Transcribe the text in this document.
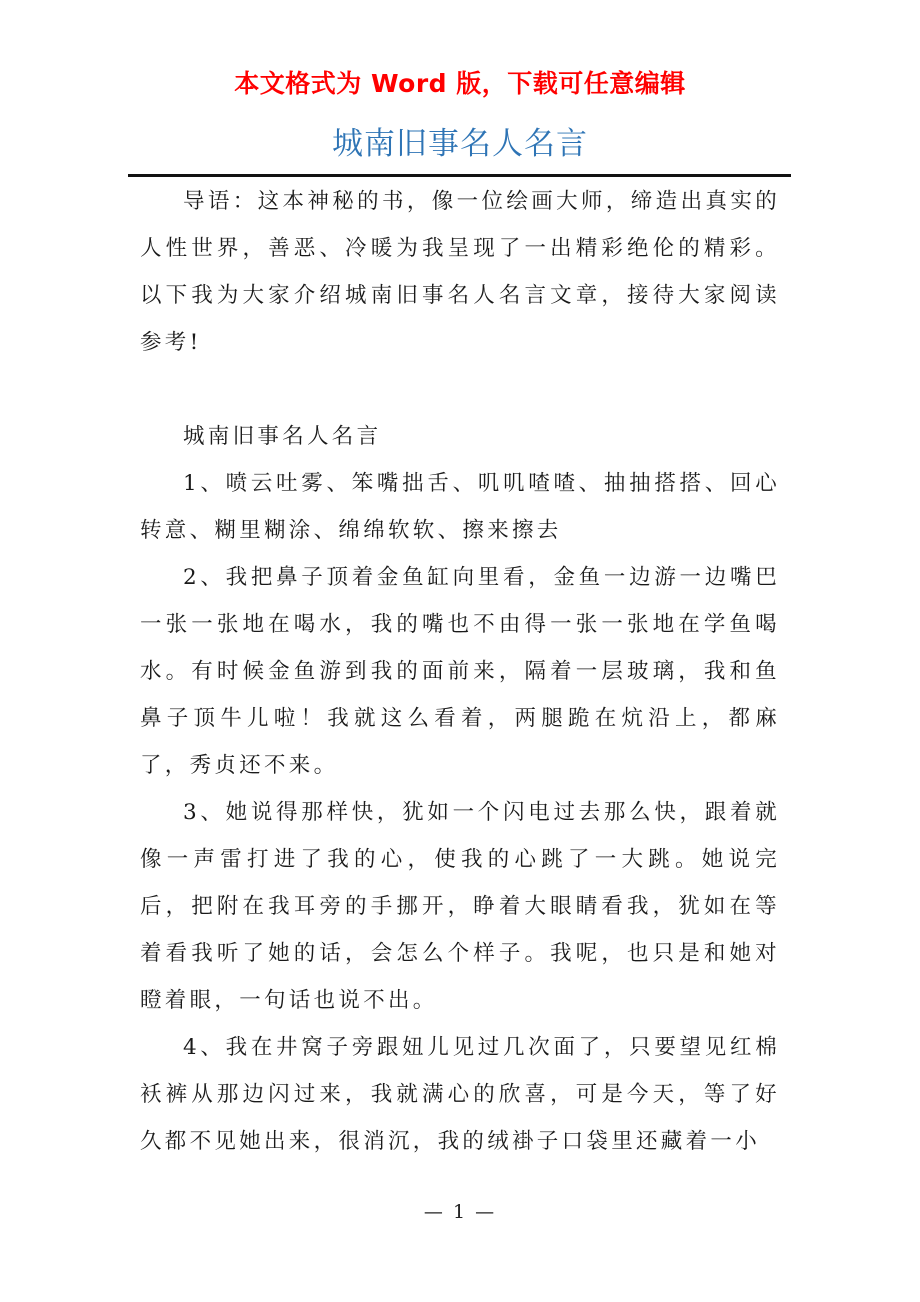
本文格式为 Word 版，下载可任意编辑
城南旧事名人名言

导语：这本神秘的书，像一位绘画大师，缔造出真实的人性世界，善恶、冷暖为我呈现了一出精彩绝伦的精彩。以下我为大家介绍城南旧事名人名言文章，接待大家阅读参考!

城南旧事名人名言

1、喷云吐雾、笨嘴拙舌、叽叽喳喳、抽抽搭搭、回心转意、糊里糊涂、绵绵软软、擦来擦去

2、我把鼻子顶着金鱼缸向里看，金鱼一边游一边嘴巴一张一张地在喝水，我的嘴也不由得一张一张地在学鱼喝水。有时候金鱼游到我的面前来，隔着一层玻璃，我和鱼鼻子顶牛儿啦！我就这么看着，两腿跪在炕沿上，都麻了，秀贞还不来。

3、她说得那样快，犹如一个闪电过去那么快，跟着就像一声雷打进了我的心，使我的心跳了一大跳。她说完后，把附在我耳旁的手挪开，睁着大眼睛看我，犹如在等着看我听了她的话，会怎么个样子。我呢，也只是和她对瞪着眼，一句话也说不出。

4、我在井窝子旁跟妞儿见过几次面了，只要望见红棉袄裤从那边闪过来，我就满心的欣喜，可是今天，等了好久都不见她出来，很消沉，我的绒褂子口袋里还藏着一小

— 1 —
